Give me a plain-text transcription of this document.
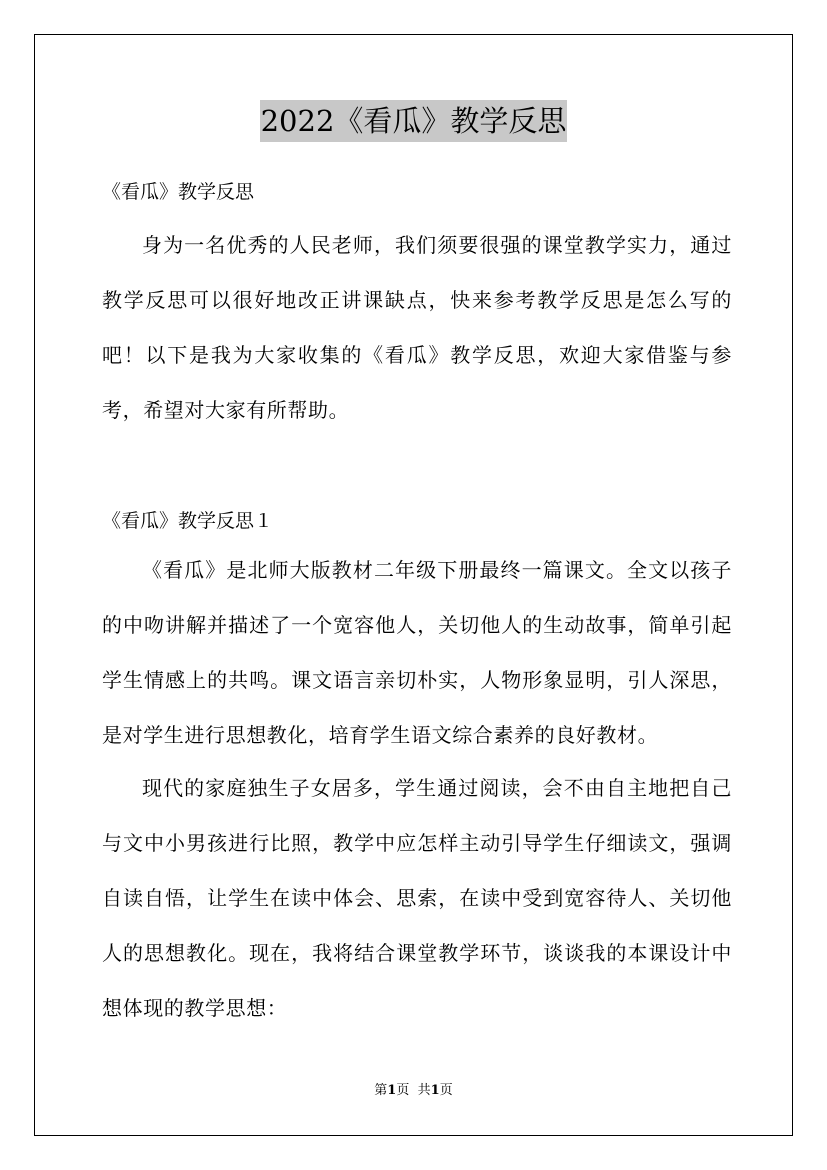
2022《看瓜》教学反思
《看瓜》教学反思
身为一名优秀的人民老师，我们须要很强的课堂教学实力，通过教学反思可以很好地改正讲课缺点，快来参考教学反思是怎么写的吧！以下是我为大家收集的《看瓜》教学反思，欢迎大家借鉴与参考，希望对大家有所帮助。
《看瓜》教学反思１
《看瓜》是北师大版教材二年级下册最终一篇课文。全文以孩子的中吻讲解并描述了一个宽容他人，关切他人的生动故事，简单引起学生情感上的共鸣。课文语言亲切朴实，人物形象显明，引人深思，是对学生进行思想教化，培育学生语文综合素养的良好教材。
现代的家庭独生子女居多，学生通过阅读，会不由自主地把自己与文中小男孩进行比照，教学中应怎样主动引导学生仔细读文，强调自读自悟，让学生在读中体会、思索，在读中受到宽容待人、关切他人的思想教化。现在，我将结合课堂教学环节，谈谈我的本课设计中想体现的教学思想：
第1页 共1页
